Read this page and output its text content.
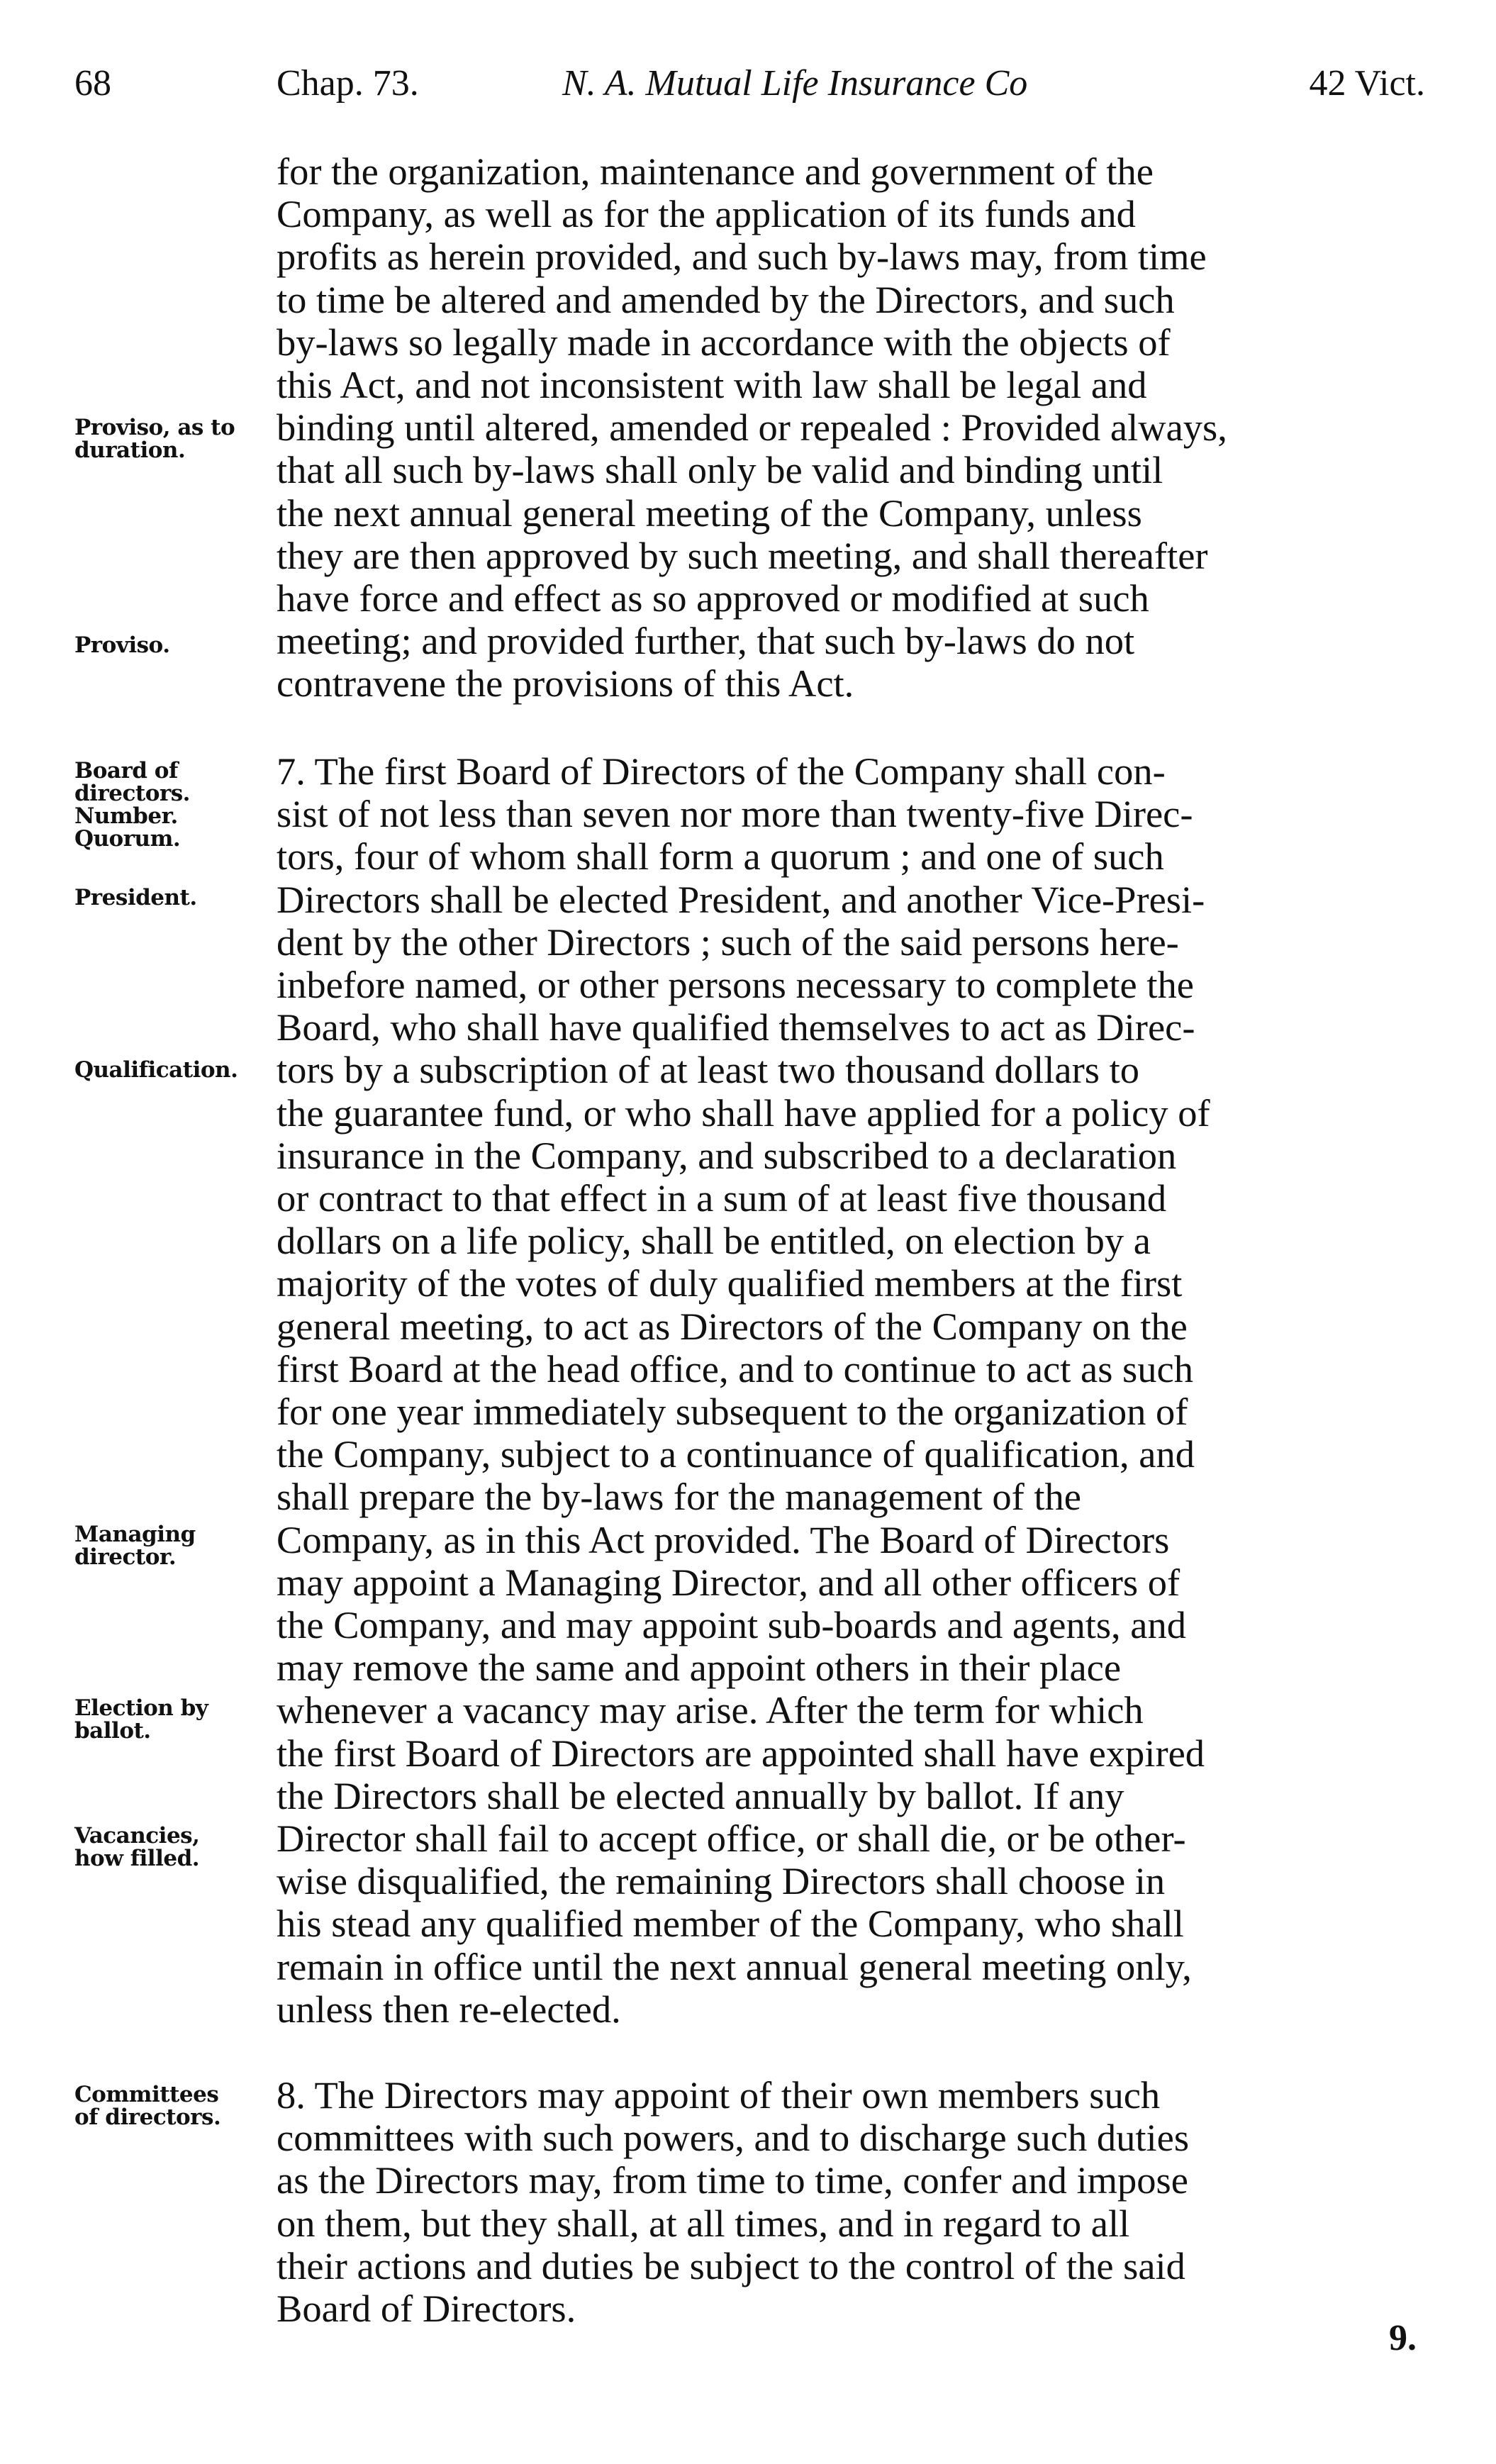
68	Chap. 73.	N. A. Mutual Life Insurance Co	42 Vict.
for the organization, maintenance and government of the
Company, as well as for the application of its funds and
profits as herein provided, and such by-laws may, from time
to time be altered and amended by the Directors, and such
by-laws so legally made in accordance with the objects of
this Act, and not inconsistent with law shall be legal and
binding until altered, amended or repealed : Provided always,
that all such by-laws shall only be valid and binding until
the next annual general meeting of the Company, unless
they are then approved by such meeting, and shall thereafter
have force and effect as so approved or modified at such
meeting; and provided further, that such by-laws do not
contravene the provisions of this Act.
7. The first Board of Directors of the Company shall con-
sist of not less than seven nor more than twenty-five Direc-
tors, four of whom shall form a quorum ; and one of such
Directors shall be elected President, and another Vice-Presi-
dent by the other Directors ; such of the said persons here-
inbefore named, or other persons necessary to complete the
Board, who shall have qualified themselves to act as Direc-
tors by a subscription of at least two thousand dollars to
the guarantee fund, or who shall have applied for a policy of
insurance in the Company, and subscribed to a declaration
or contract to that effect in a sum of at least five thousand
dollars on a life policy, shall be entitled, on election by a
majority of the votes of duly qualified members at the first
general meeting, to act as Directors of the Company on the
first Board at the head office, and to continue to act as such
for one year immediately subsequent to the organization of
the Company, subject to a continuance of qualification, and
shall prepare the by-laws for the management of the
Company, as in this Act provided. The Board of Directors
may appoint a Managing Director, and all other officers of
the Company, and may appoint sub-boards and agents, and
may remove the same and appoint others in their place
whenever a vacancy may arise. After the term for which
the first Board of Directors are appointed shall have expired
the Directors shall be elected annually by ballot. If any
Director shall fail to accept office, or shall die, or be other-
wise disqualified, the remaining Directors shall choose in
his stead any qualified member of the Company, who shall
remain in office until the next annual general meeting only,
unless then re-elected.
8. The Directors may appoint of their own members such
committees with such powers, and to discharge such duties
as the Directors may, from time to time, confer and impose
on them, but they shall, at all times, and in regard to all
their actions and duties be subject to the control of the said
Board of Directors.
Proviso, as to
duration.
Proviso.
Board of
directors.
Number.
Quorum.
President.
Qualification.
Managing
director.
Election by
ballot.
Vacancies,
how filled.
Committees
of directors.
9.
